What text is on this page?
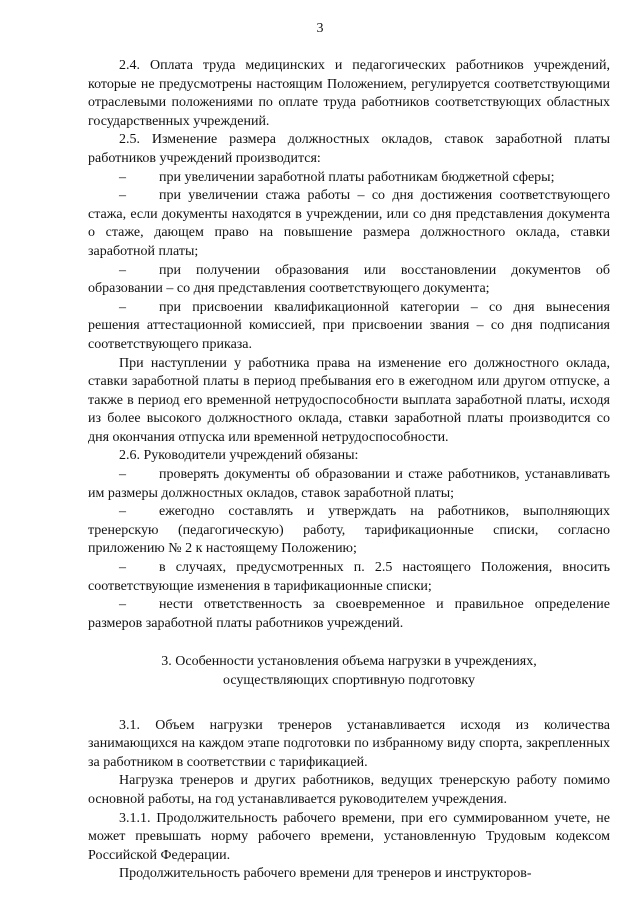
3

2.4. Оплата труда медицинских и педагогических работников учреждений, которые не предусмотрены настоящим Положением, регулируется соответствующими отраслевыми положениями по оплате труда работников соответствующих областных государственных учреждений.

2.5. Изменение размера должностных окладов, ставок заработной платы работников учреждений производится:

– при увеличении заработной платы работникам бюджетной сферы;

– при увеличении стажа работы – со дня достижения соответствующего стажа, если документы находятся в учреждении, или со дня представления документа о стаже, дающем право на повышение размера должностного оклада, ставки заработной платы;

– при получении образования или восстановлении документов об образовании – со дня представления соответствующего документа;

– при присвоении квалификационной категории – со дня вынесения решения аттестационной комиссией, при присвоении звания – со дня подписания соответствующего приказа.

При наступлении у работника права на изменение его должностного оклада, ставки заработной платы в период пребывания его в ежегодном или другом отпуске, а также в период его временной нетрудоспособности выплата заработной платы, исходя из более высокого должностного оклада, ставки заработной платы производится со дня окончания отпуска или временной нетрудоспособности.

2.6. Руководители учреждений обязаны:

– проверять документы об образовании и стаже работников, устанавливать им размеры должностных окладов, ставок заработной платы;

– ежегодно составлять и утверждать на работников, выполняющих тренерскую (педагогическую) работу, тарификационные списки, согласно приложению № 2 к настоящему Положению;

– в случаях, предусмотренных п. 2.5 настоящего Положения, вносить соответствующие изменения в тарификационные списки;

– нести ответственность за своевременное и правильное определение размеров заработной платы работников учреждений.

3. Особенности установления объема нагрузки в учреждениях,
осуществляющих спортивную подготовку

3.1. Объем нагрузки тренеров устанавливается исходя из количества занимающихся на каждом этапе подготовки по избранному виду спорта, закрепленных за работником в соответствии с тарификацией.

Нагрузка тренеров и других работников, ведущих тренерскую работу помимо основной работы, на год устанавливается руководителем учреждения.

3.1.1. Продолжительность рабочего времени, при его суммированном учете, не может превышать норму рабочего времени, установленную Трудовым кодексом Российской Федерации.

Продолжительность рабочего времени для тренеров и инструкторов-
